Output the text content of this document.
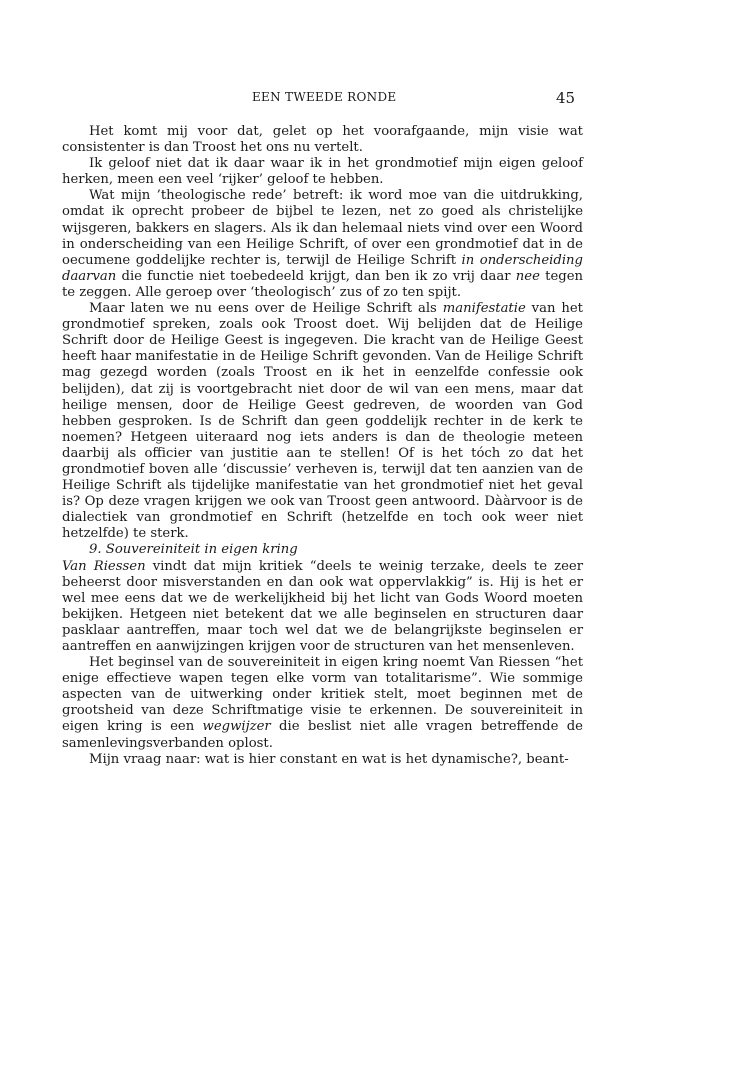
EEN TWEEDE RONDE	45

Het komt mij voor dat, gelet op het voorafgaande, mijn visie wat consistenter is dan Troost het ons nu vertelt.

Ik geloof niet dat ik daar waar ik in het grondmotief mijn eigen geloof herken, meen een veel ‘rijker’ geloof te hebben.

Wat mijn ’theologische rede’ betreft: ik word moe van die uitdrukking, omdat ik oprecht probeer de bijbel te lezen, net zo goed als christelijke wijsgeren, bakkers en slagers. Als ik dan helemaal niets vind over een Woord in onderscheiding van een Heilige Schrift, of over een grondmotief dat in de oecumene goddelijke rechter is, terwijl de Heilige Schrift in onderscheiding daarvan die functie niet toebedeeld krijgt, dan ben ik zo vrij daar nee tegen te zeggen. Alle geroep over ‘theologisch’ zus of zo ten spijt.

Maar laten we nu eens over de Heilige Schrift als manifestatie van het grondmotief spreken, zoals ook Troost doet. Wij belijden dat de Heilige Schrift door de Heilige Geest is ingegeven. Die kracht van de Heilige Geest heeft haar manifestatie in de Heilige Schrift gevonden. Van de Heilige Schrift mag gezegd worden (zoals Troost en ik het in eenzelfde confessie ook belijden), dat zij is voortgebracht niet door de wil van een mens, maar dat heilige mensen, door de Heilige Geest gedreven, de woorden van God hebben gesproken. Is de Schrift dan geen goddelijk rechter in de kerk te noemen? Hetgeen uiteraard nog iets anders is dan de theologie meteen daarbij als officier van justitie aan te stellen! Of is het tóch zo dat het grondmotief boven alle ‘discussie’ verheven is, terwijl dat ten aanzien van de Heilige Schrift als tijdelijke manifestatie van het grondmotief niet het geval is? Op deze vragen krijgen we ook van Troost geen antwoord. Dààrvoor is de dialectiek van grondmotief en Schrift (hetzelfde en toch ook weer niet hetzelfde) te sterk.

9. Souvereiniteit in eigen kring

Van Riessen vindt dat mijn kritiek “deels te weinig terzake, deels te zeer beheerst door misverstanden en dan ook wat oppervlakkig” is. Hij is het er wel mee eens dat we de werkelijkheid bij het licht van Gods Woord moeten bekijken. Hetgeen niet betekent dat we alle beginselen en structuren daar pasklaar aantreffen, maar toch wel dat we de belangrijkste beginselen er aantreffen en aanwijzingen krijgen voor de structuren van het mensenleven.

Het beginsel van de souvereiniteit in eigen kring noemt Van Riessen “het enige effectieve wapen tegen elke vorm van totalitarisme”. Wie sommige aspecten van de uitwerking onder kritiek stelt, moet beginnen met de grootsheid van deze Schriftmatige visie te erkennen. De souvereiniteit in eigen kring is een wegwijzer die beslist niet alle vragen betreffende de samenlevingsverbanden oplost.

Mijn vraag naar: wat is hier constant en wat is het dynamische?, beant-
